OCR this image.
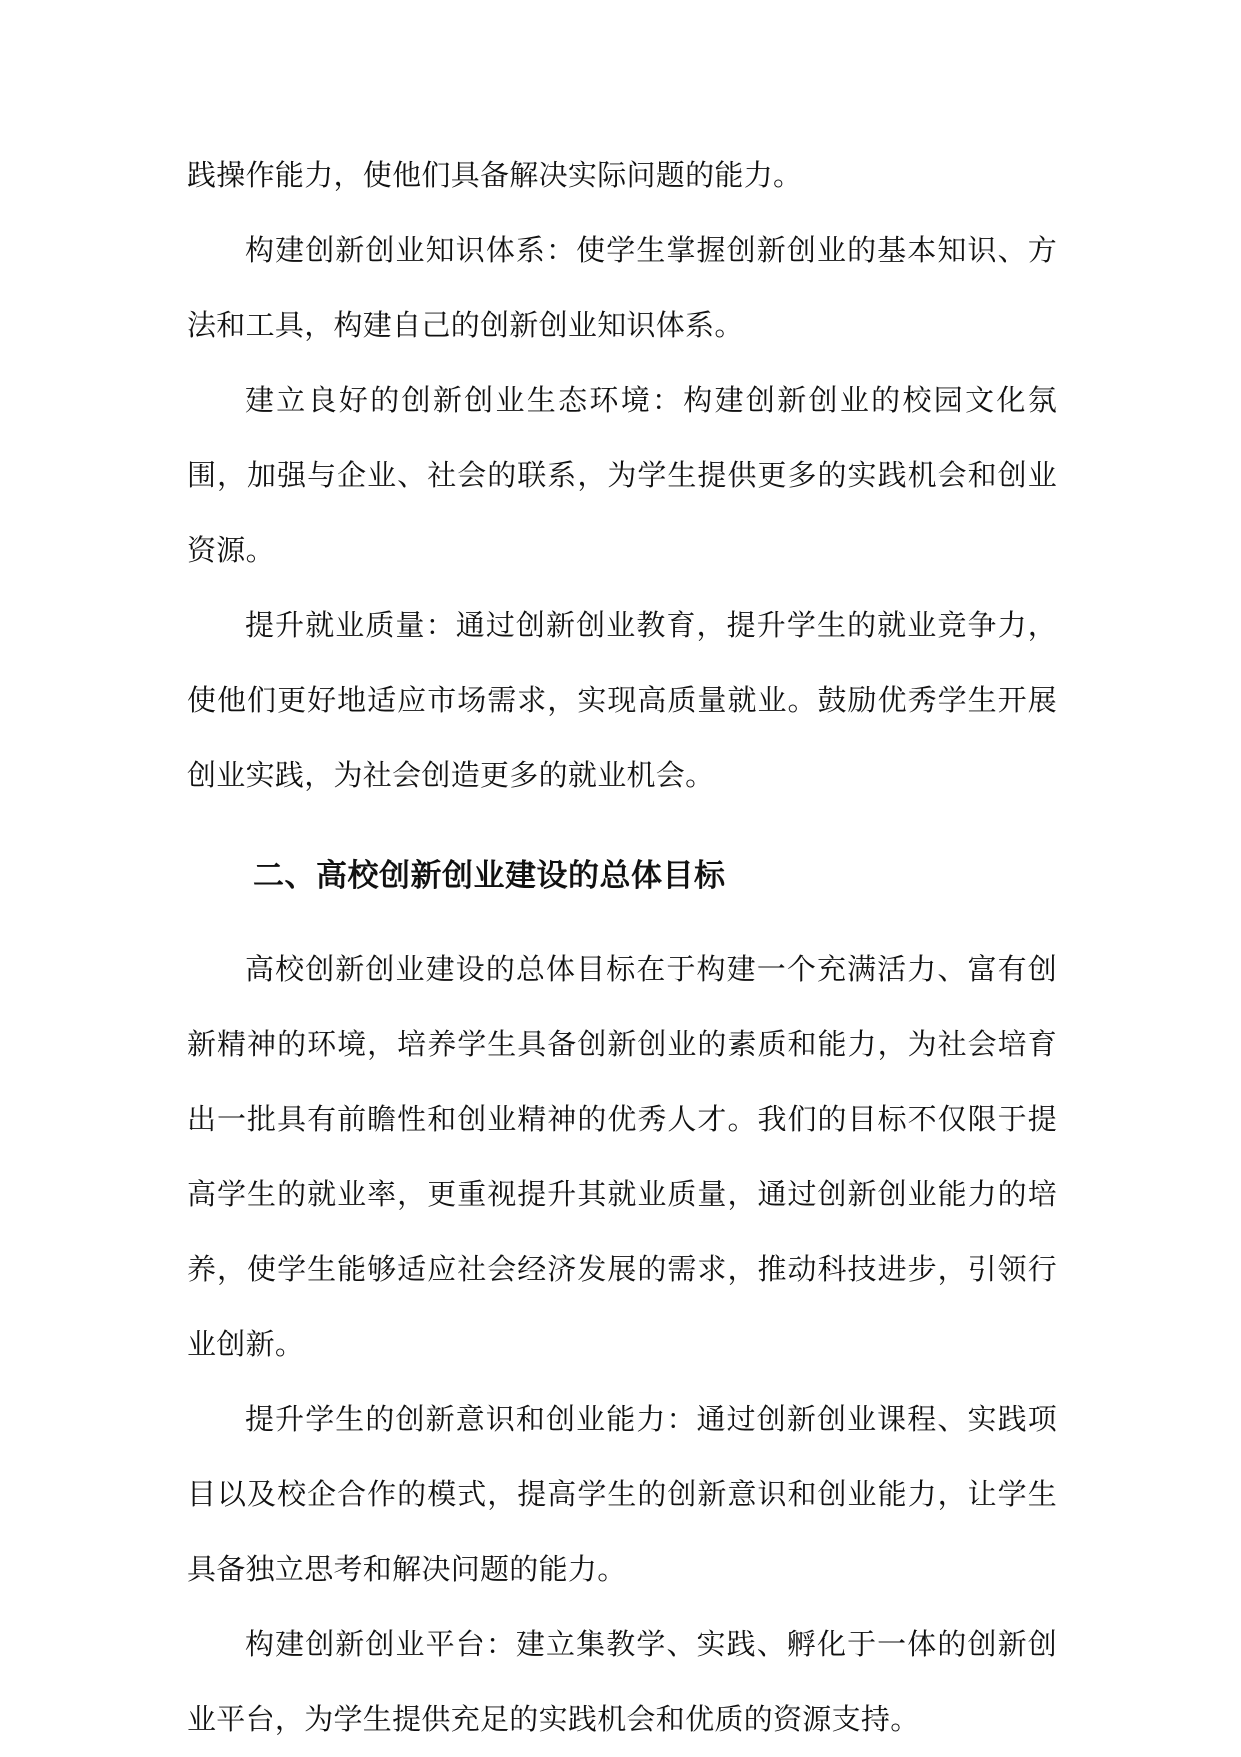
践操作能力，使他们具备解决实际问题的能力。

构建创新创业知识体系：使学生掌握创新创业的基本知识、方法和工具，构建自己的创新创业知识体系。

建立良好的创新创业生态环境：构建创新创业的校园文化氛围，加强与企业、社会的联系，为学生提供更多的实践机会和创业资源。

提升就业质量：通过创新创业教育，提升学生的就业竞争力，使他们更好地适应市场需求，实现高质量就业。鼓励优秀学生开展创业实践，为社会创造更多的就业机会。

二、高校创新创业建设的总体目标

高校创新创业建设的总体目标在于构建一个充满活力、富有创新精神的环境，培养学生具备创新创业的素质和能力，为社会培育出一批具有前瞻性和创业精神的优秀人才。我们的目标不仅限于提高学生的就业率，更重视提升其就业质量，通过创新创业能力的培养，使学生能够适应社会经济发展的需求，推动科技进步，引领行业创新。

提升学生的创新意识和创业能力：通过创新创业课程、实践项目以及校企合作的模式，提高学生的创新意识和创业能力，让学生具备独立思考和解决问题的能力。

构建创新创业平台：建立集教学、实践、孵化于一体的创新创业平台，为学生提供充足的实践机会和优质的资源支持。
